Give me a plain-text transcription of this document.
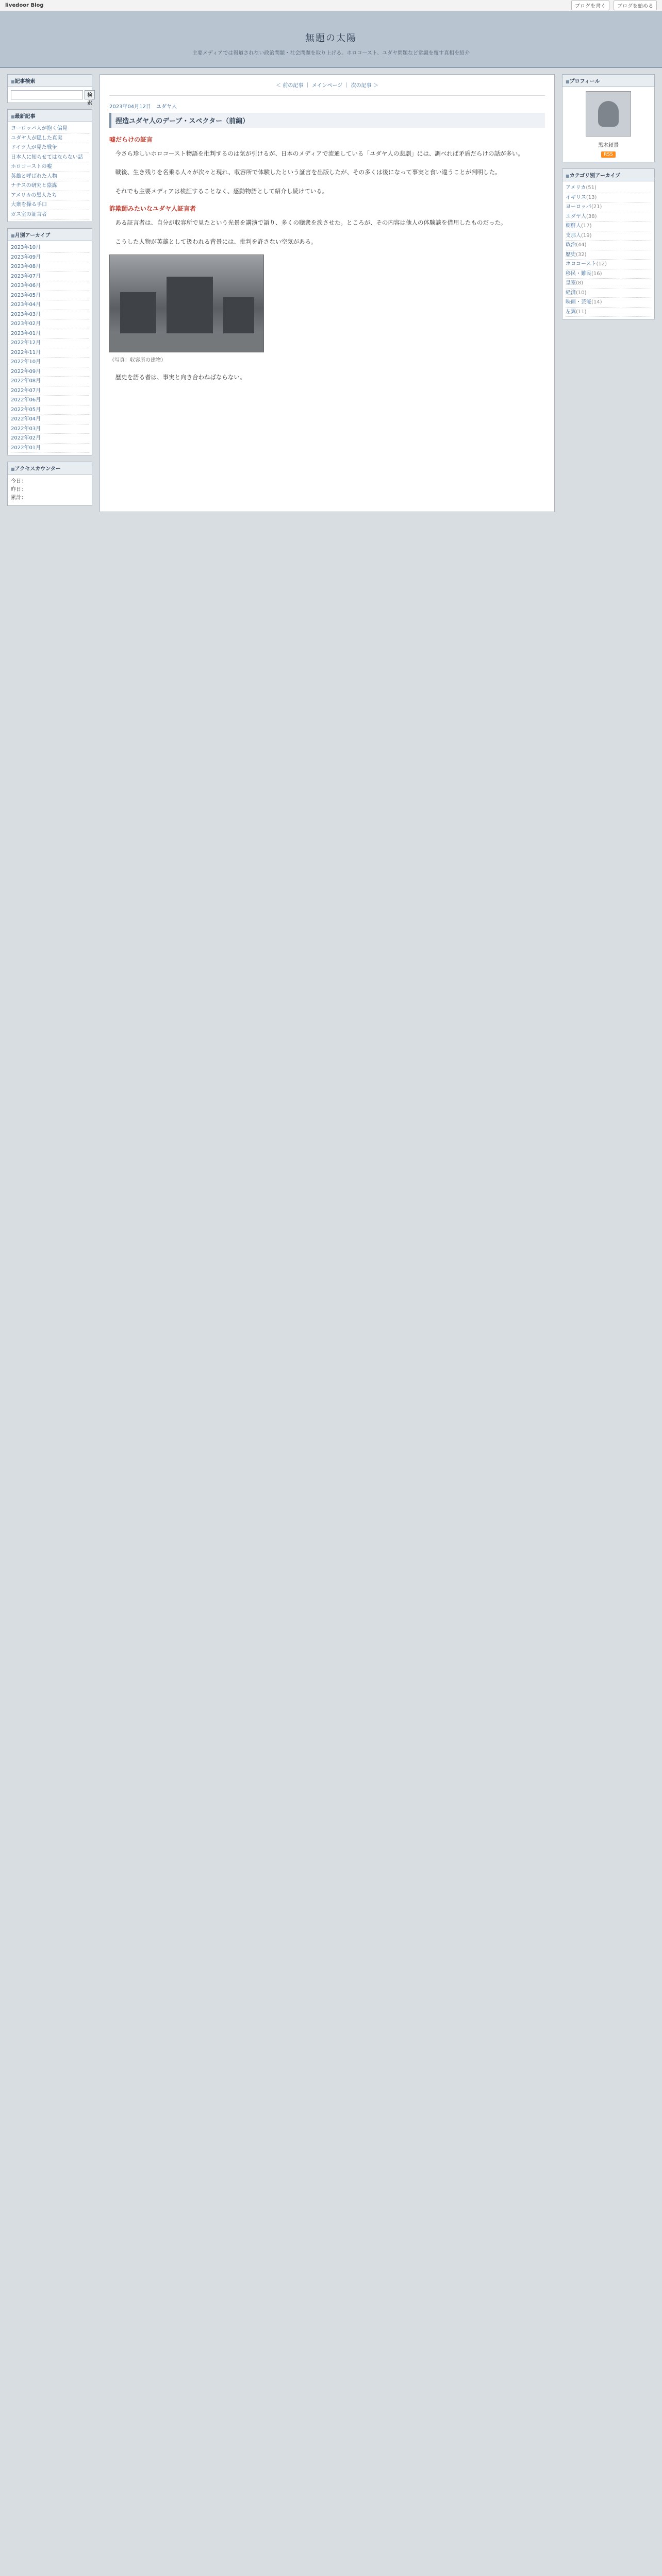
livedoor Blog	ブログを書く	ブログを始める
無題の太陽
主要メディアでは報道されない政治問題・社会問題を取り上げる。ホロコースト、ユダヤ問題など常識を覆す真相を紹介
■ 記事検索
検索
■ 最新記事
ヨーロッパ人が抱く偏見
ユダヤ人が隠した真実
ドイツ人が見た戦争
日本人に知らせてはならない話
ホロコーストの嘘
英雄と呼ばれた人物
ナチスの研究と陰謀
アメリカの黒人たち
大衆を操る手口
ガス室の証言者
■ 月別アーカイブ
2023年10月
2023年09月
2023年08月
2023年07月
2023年06月
2023年05月
2023年04月
2023年03月
2023年02月
2023年01月
2022年12月
2022年11月
2022年10月
2022年09月
2022年08月
2022年07月
2022年06月
2022年05月
2022年04月
2022年03月
2022年02月
2022年01月
■ アクセスカウンター
今日：
昨日：
累計：
＜ 前の記事 ｜ メインページ ｜ 次の記事 ＞
2023年04月12日 ユダヤ人
捏造ユダヤ人のデーブ・スペクター（前編）
嘘だらけの証言

今さら珍しいホロコースト物語を批判するのは気が引けるが、日本のメディアで流通している「ユダヤ人の悲劇」には、調べれば矛盾だらけの話が多い。

戦後、生き残りを名乗る人々が次々と現れ、収容所で体験したという証言を出版したが、その多くは後になって事実と食い違うことが判明した。

それでも主要メディアは検証することなく、感動物語として紹介し続けている。

詐欺師みたいなユダヤ人証言者

ある証言者は、自分が収容所で見たという光景を講演で語り、多くの聴衆を涙させた。ところが、その内容は他人の体験談を借用したものだった。

こうした人物が英雄として扱われる背景には、批判を許さない空気がある。

（写真：収容所の建物）

歴史を語る者は、事実と向き合わねばならない。

■ プロフィール
黒木頼景
RSS
■ カテゴリ別アーカイブ
アメリカ(51)
イギリス(13)
ヨーロッパ(21)
ユダヤ人(38)
朝鮮人(17)
支那人(19)
政治(44)
歴史(32)
ホロコースト(12)
移民・難民(16)
皇室(8)
経済(10)
映画・芸能(14)
左翼(11)
